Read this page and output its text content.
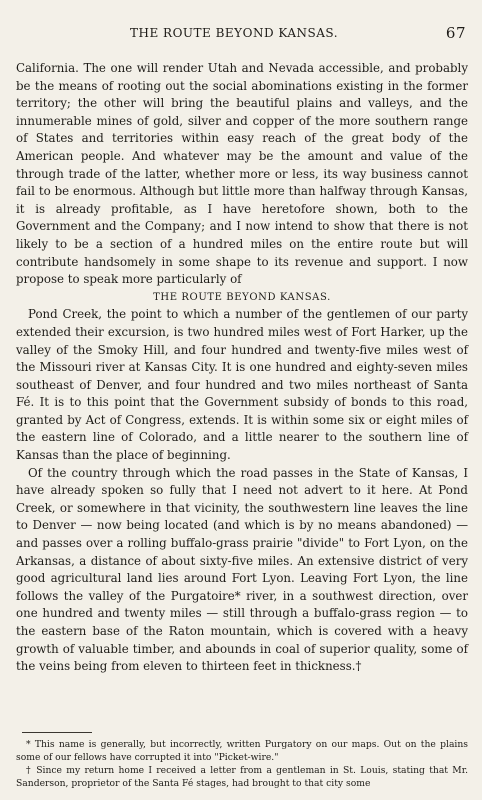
THE ROUTE BEYOND KANSAS.	67

California. The one will render Utah and Nevada accessible, and probably be the means of rooting out the social abominations existing in the former territory; the other will bring the beautiful plains and valleys, and the innumerable mines of gold, silver and copper of the more southern range of States and territories within easy reach of the great body of the American people. And whatever may be the amount and value of the through trade of the latter, whether more or less, its way business cannot fail to be enormous. Although but little more than halfway through Kansas, it is already profitable, as I have heretofore shown, both to the Government and the Company; and I now intend to show that there is not likely to be a section of a hundred miles on the entire route but will contribute handsomely in some shape to its revenue and support. I now propose to speak more particularly of

THE ROUTE BEYOND KANSAS.

Pond Creek, the point to which a number of the gentlemen of our party extended their excursion, is two hundred miles west of Fort Harker, up the valley of the Smoky Hill, and four hundred and twenty-five miles west of the Missouri river at Kansas City. It is one hundred and eighty-seven miles southeast of Denver, and four hundred and two miles northeast of Santa Fé. It is to this point that the Government subsidy of bonds to this road, granted by Act of Congress, extends. It is within some six or eight miles of the eastern line of Colorado, and a little nearer to the southern line of Kansas than the place of beginning.

Of the country through which the road passes in the State of Kansas, I have already spoken so fully that I need not advert to it here. At Pond Creek, or somewhere in that vicinity, the southwestern line leaves the line to Denver — now being located (and which is by no means abandoned) — and passes over a rolling buffalo-grass prairie "divide" to Fort Lyon, on the Arkansas, a distance of about sixty-five miles. An extensive district of very good agricultural land lies around Fort Lyon. Leaving Fort Lyon, the line follows the valley of the Purgatoire* river, in a southwest direction, over one hundred and twenty miles — still through a buffalo-grass region — to the eastern base of the Raton mountain, which is covered with a heavy growth of valuable timber, and abounds in coal of superior quality, some of the veins being from eleven to thirteen feet in thickness.†

* This name is generally, but incorrectly, written Purgatory on our maps. Out on the plains some of our fellows have corrupted it into "Picket-wire."

† Since my return home I received a letter from a gentleman in St. Louis, stating that Mr. Sanderson, proprietor of the Santa Fé stages, had brought to that city some
